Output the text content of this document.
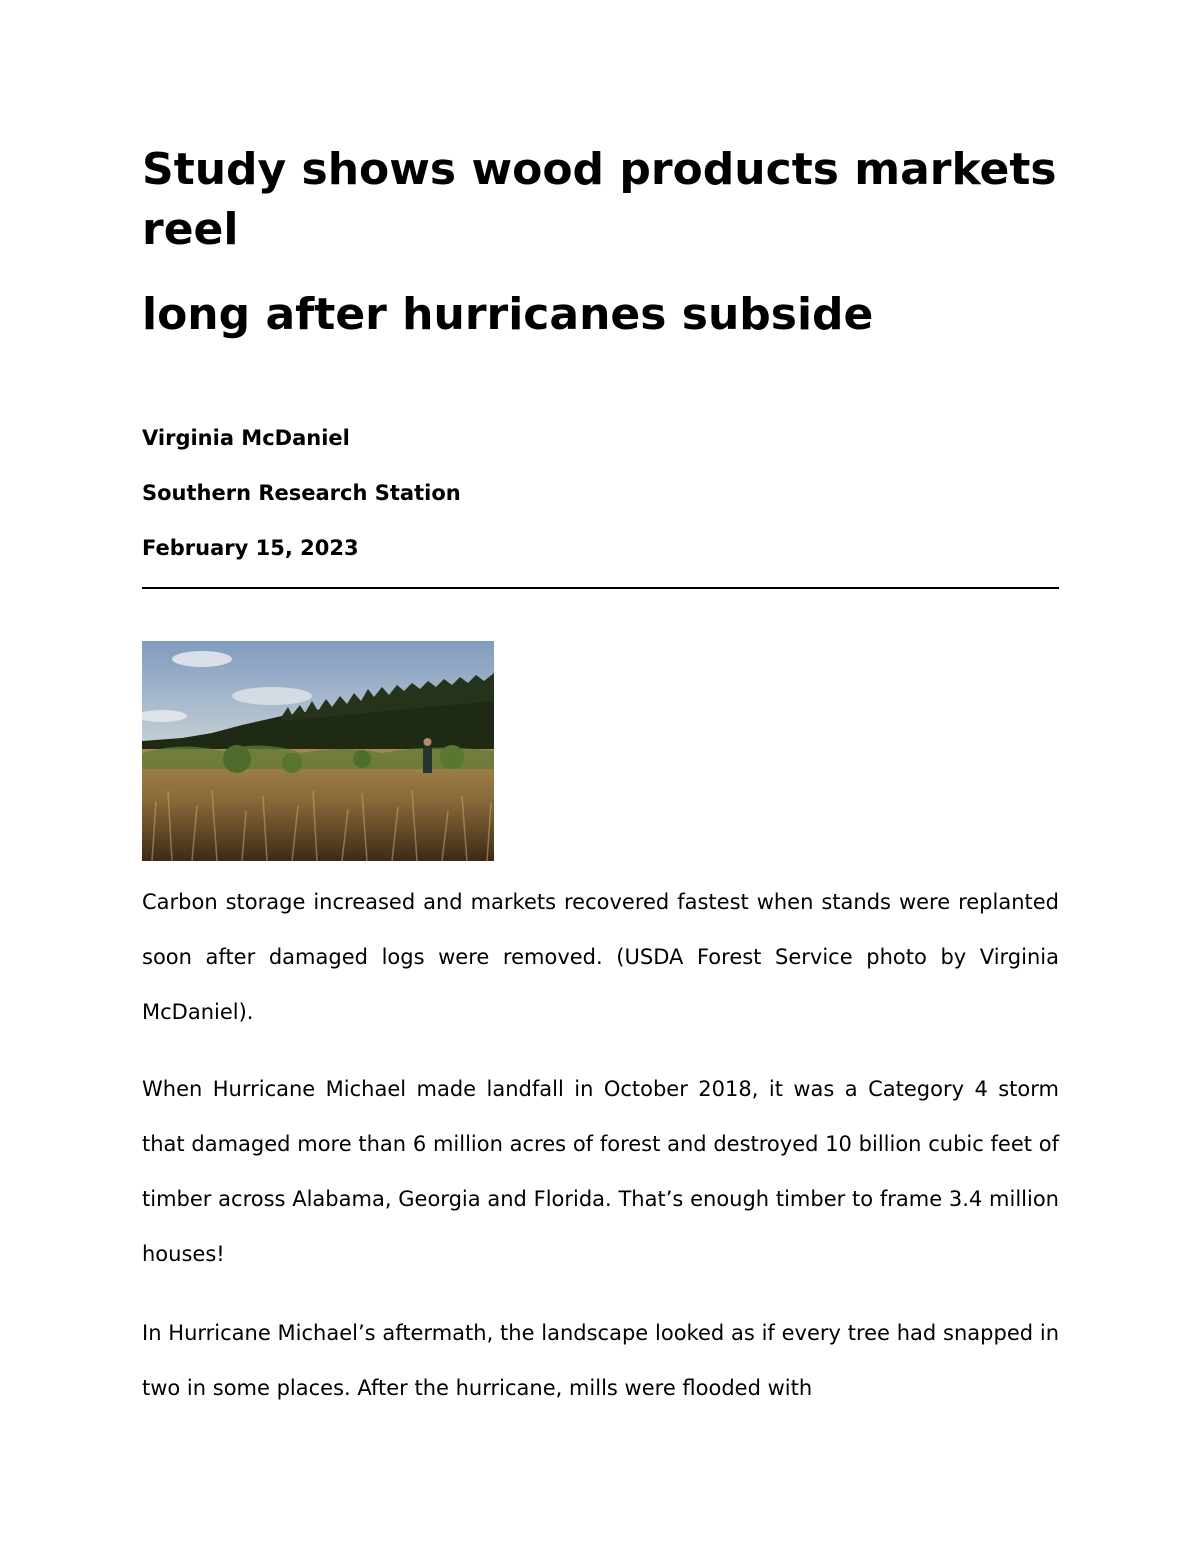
Study shows wood products markets reel
long after hurricanes subside

Virginia McDaniel

Southern Research Station

February 15, 2023

Carbon storage increased and markets recovered fastest when stands were replanted soon after damaged logs were removed. (USDA Forest Service photo by Virginia McDaniel).

When Hurricane Michael made landfall in October 2018, it was a Category 4 storm that damaged more than 6 million acres of forest and destroyed 10 billion cubic feet of timber across Alabama, Georgia and Florida. That’s enough timber to frame 3.4 million houses!

In Hurricane Michael’s aftermath, the landscape looked as if every tree had snapped in two in some places. After the hurricane, mills were flooded with
